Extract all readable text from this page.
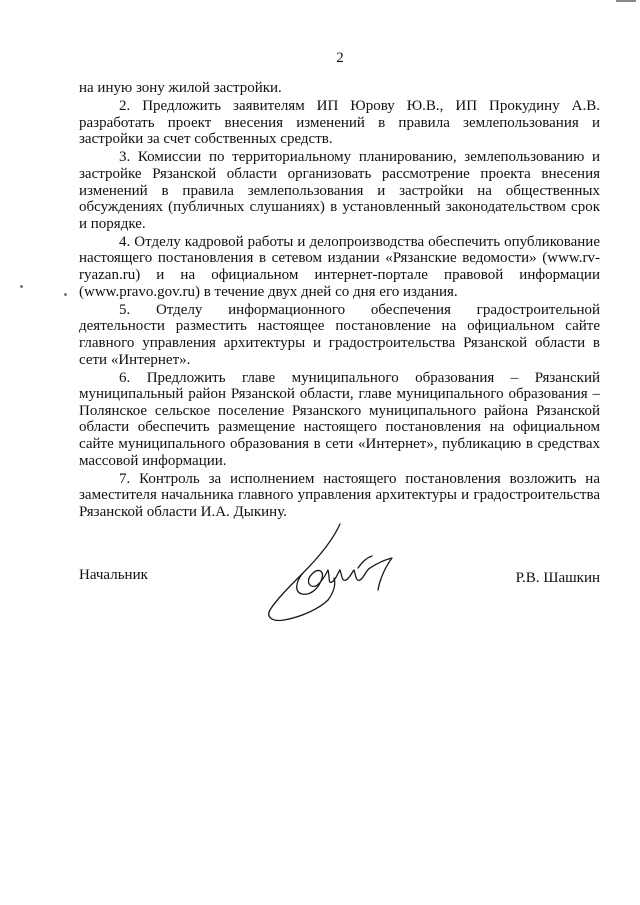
2

на иную зону жилой застройки.

2. Предложить заявителям ИП Юрову Ю.В., ИП Прокудину А.В. разработать проект внесения изменений в правила землепользования и застройки за счет собственных средств.

3. Комиссии по территориальному планированию, землепользованию и застройке Рязанской области организовать рассмотрение проекта внесения изменений в правила землепользования и застройки на общественных обсуждениях (публичных слушаниях) в установленный законодательством срок и порядке.

4. Отделу кадровой работы и делопроизводства обеспечить опубликование настоящего постановления в сетевом издании «Рязанские ведомости» (www.rv-ryazan.ru) и на официальном интернет-портале правовой информации (www.pravo.gov.ru) в течение двух дней со дня его издания.

5. Отделу информационного обеспечения градостроительной деятельности разместить настоящее постановление на официальном сайте главного управления архитектуры и градостроительства Рязанской области в сети «Интернет».

6. Предложить главе муниципального образования – Рязанский муниципальный район Рязанской области, главе муниципального образования – Полянское сельское поселение Рязанского муниципального района Рязанской области обеспечить размещение настоящего постановления на официальном сайте муниципального образования в сети «Интернет», публикацию в средствах массовой информации.

7. Контроль за исполнением настоящего постановления возложить на заместителя начальника главного управления архитектуры и градостроительства Рязанской области И.А. Дыкину.

Начальник	Р.В. Шашкин
